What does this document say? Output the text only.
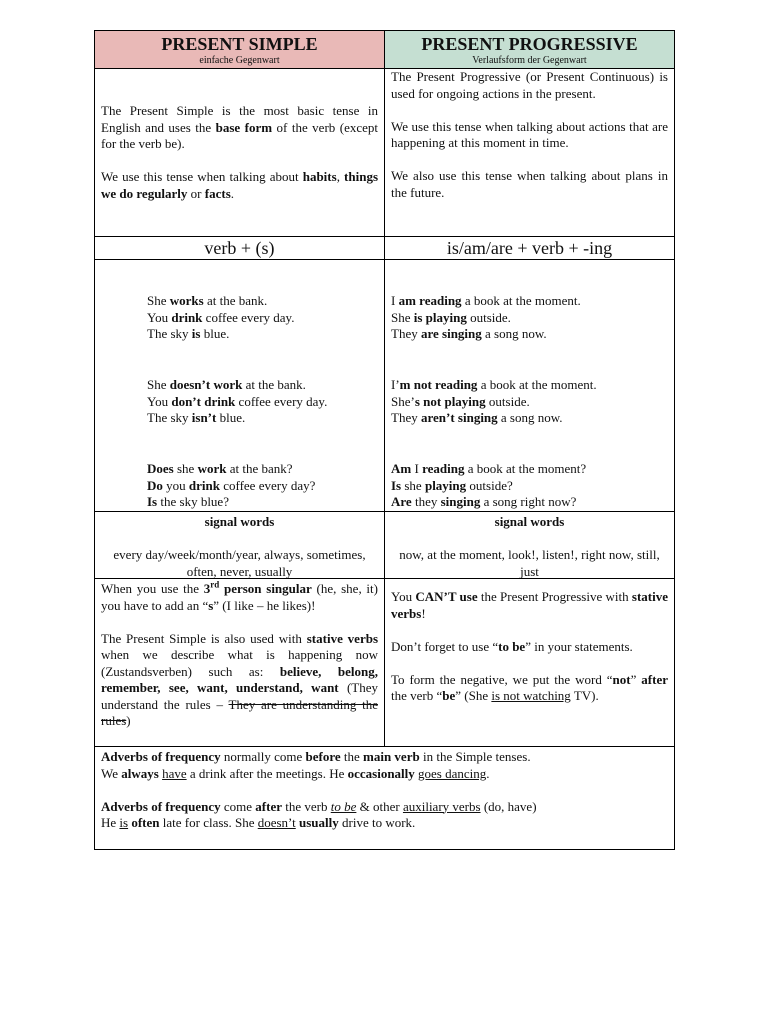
PRESENT SIMPLE
einfache Gegenwart
PRESENT PROGRESSIVE
Verlaufsform der Gegenwart

The Present Simple is the most basic tense in English and uses the base form of the verb (except for the verb be).

We use this tense when talking about habits, things we do regularly or facts.

The Present Progressive (or Present Continuous) is used for ongoing actions in the present.

We use this tense when talking about actions that are happening at this moment in time.

We also use this tense when talking about plans in the future.

verb + (s)	is/am/are + verb + -ing

She works at the bank.

You drink coffee every day.

The sky is blue.

She doesn’t work at the bank.

You don’t drink coffee every day.

The sky isn’t blue.

Does she work at the bank?

Do you drink coffee every day?

Is the sky blue?

I am reading a book at the moment.

She is playing outside.

They are singing a song now.

I’m not reading a book at the moment.

She’s not playing outside.

They aren’t singing a song now.

Am I reading a book at the moment?

Is she playing outside?

Are they singing a song right now?

signal words

every day/week/month/year, always, sometimes, often, never, usually

signal words

now, at the moment, look!, listen!, right now, still, just

When you use the 3rd person singular (he, she, it) you have to add an “s” (I like – he likes)!

The Present Simple is also used with stative verbs when we describe what is happening now (Zustandsverben) such as: believe, belong, remember, see, want, understand, want (They understand the rules – They are understanding the rules)

You CAN’T use the Present Progressive with stative verbs!

Don’t forget to use “to be” in your statements.

To form the negative, we put the word “not” after the verb “be” (She is not watching TV).

Adverbs of frequency normally come before the main verb in the Simple tenses.

We always have a drink after the meetings. He occasionally goes dancing.

Adverbs of frequency come after the verb to be & other auxiliary verbs (do, have)

He is often late for class. She doesn’t usually drive to work.
